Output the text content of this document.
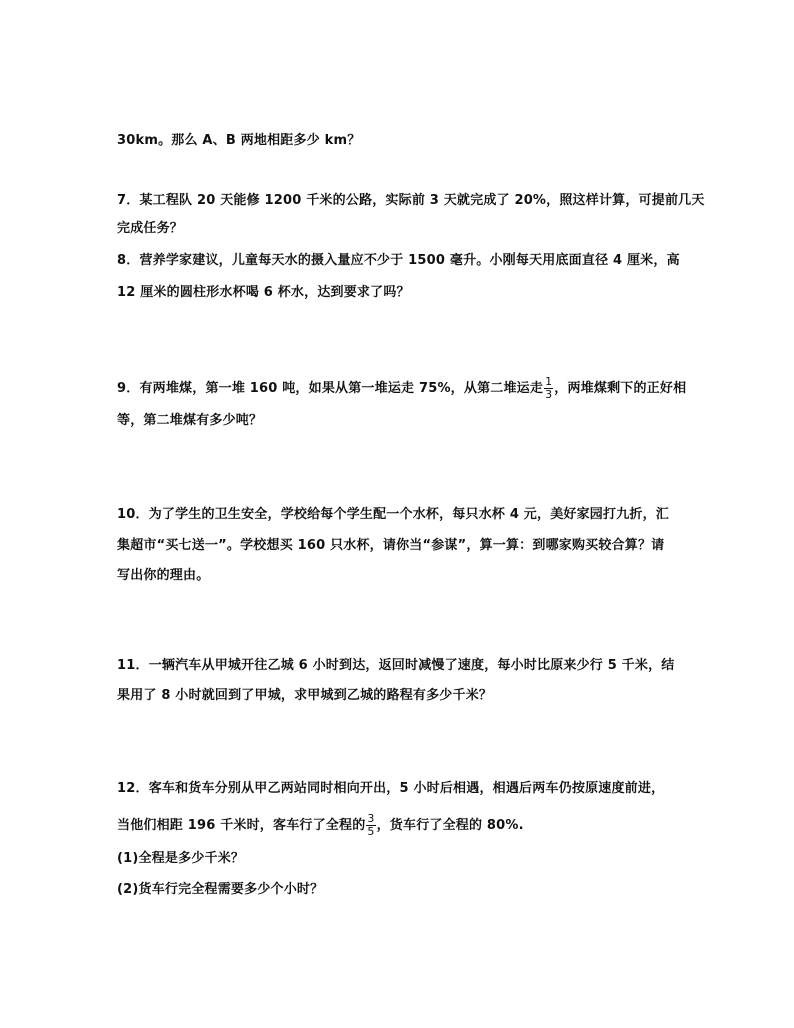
30km。那么 A、B 两地相距多少 km？
7．某工程队 20 天能修 1200 千米的公路，实际前 3 天就完成了 20%，照这样计算，可提前几天
完成任务？
8．营养学家建议，儿童每天水的摄入量应不少于 1500 毫升。小刚每天用底面直径 4 厘米，高
12 厘米的圆柱形水杯喝 6 杯水，达到要求了吗？
9．有两堆煤，第一堆 160 吨，如果从第一堆运走 75%，从第二堆运走 $\frac{1}{3}$ ，两堆煤剩下的正好相
等，第二堆煤有多少吨？
10．为了学生的卫生安全，学校给每个学生配一个水杯，每只水杯 4 元，美好家园打九折，汇
集超市“买七送一”。学校想买 160 只水杯，请你当“参谋”，算一算：到哪家购买较合算？请
写出你的理由。
11．一辆汽车从甲城开往乙城 6 小时到达，返回时减慢了速度，每小时比原来少行 5 千米，结
果用了 8 小时就回到了甲城，求甲城到乙城的路程有多少千米？
12．客车和货车分别从甲乙两站同时相向开出，5 小时后相遇，相遇后两车仍按原速度前进，
当他们相距 196 千米时，客车行了全程的 $\frac{3}{5}$ ，货车行了全程的 80%.
(1)全程是多少千米？
(2)货车行完全程需要多少个小时？
